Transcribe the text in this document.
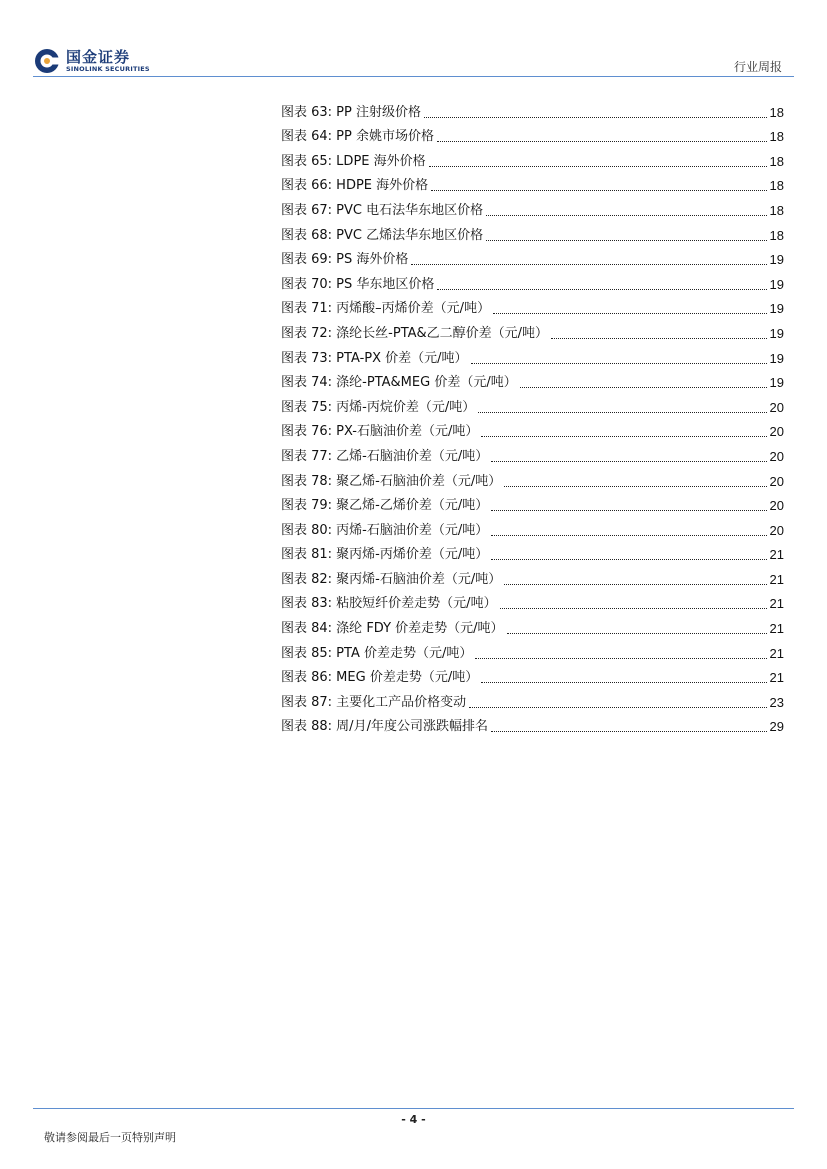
国金证券
SINOLINK SECURITIES	行业周报
图表 63: PP 注射级价格	18
图表 64: PP 余姚市场价格	18
图表 65: LDPE 海外价格	18
图表 66: HDPE 海外价格	18
图表 67: PVC 电石法华东地区价格	18
图表 68: PVC 乙烯法华东地区价格	18
图表 69: PS 海外价格	19
图表 70: PS 华东地区价格	19
图表 71: 丙烯酸–丙烯价差（元/吨）	19
图表 72: 涤纶长丝-PTA&乙二醇价差（元/吨）	19
图表 73: PTA-PX 价差（元/吨）	19
图表 74: 涤纶-PTA&MEG 价差（元/吨）	19
图表 75: 丙烯-丙烷价差（元/吨）	20
图表 76: PX-石脑油价差（元/吨）	20
图表 77: 乙烯-石脑油价差（元/吨）	20
图表 78: 聚乙烯-石脑油价差（元/吨）	20
图表 79: 聚乙烯-乙烯价差（元/吨）	20
图表 80: 丙烯-石脑油价差（元/吨）	20
图表 81: 聚丙烯-丙烯价差（元/吨）	21
图表 82: 聚丙烯-石脑油价差（元/吨）	21
图表 83: 粘胶短纤价差走势（元/吨）	21
图表 84: 涤纶 FDY 价差走势（元/吨）	21
图表 85: PTA 价差走势（元/吨）	21
图表 86: MEG 价差走势（元/吨）	21
图表 87: 主要化工产品价格变动	23
图表 88: 周/月/年度公司涨跌幅排名	29
- 4 -
敬请参阅最后一页特别声明
